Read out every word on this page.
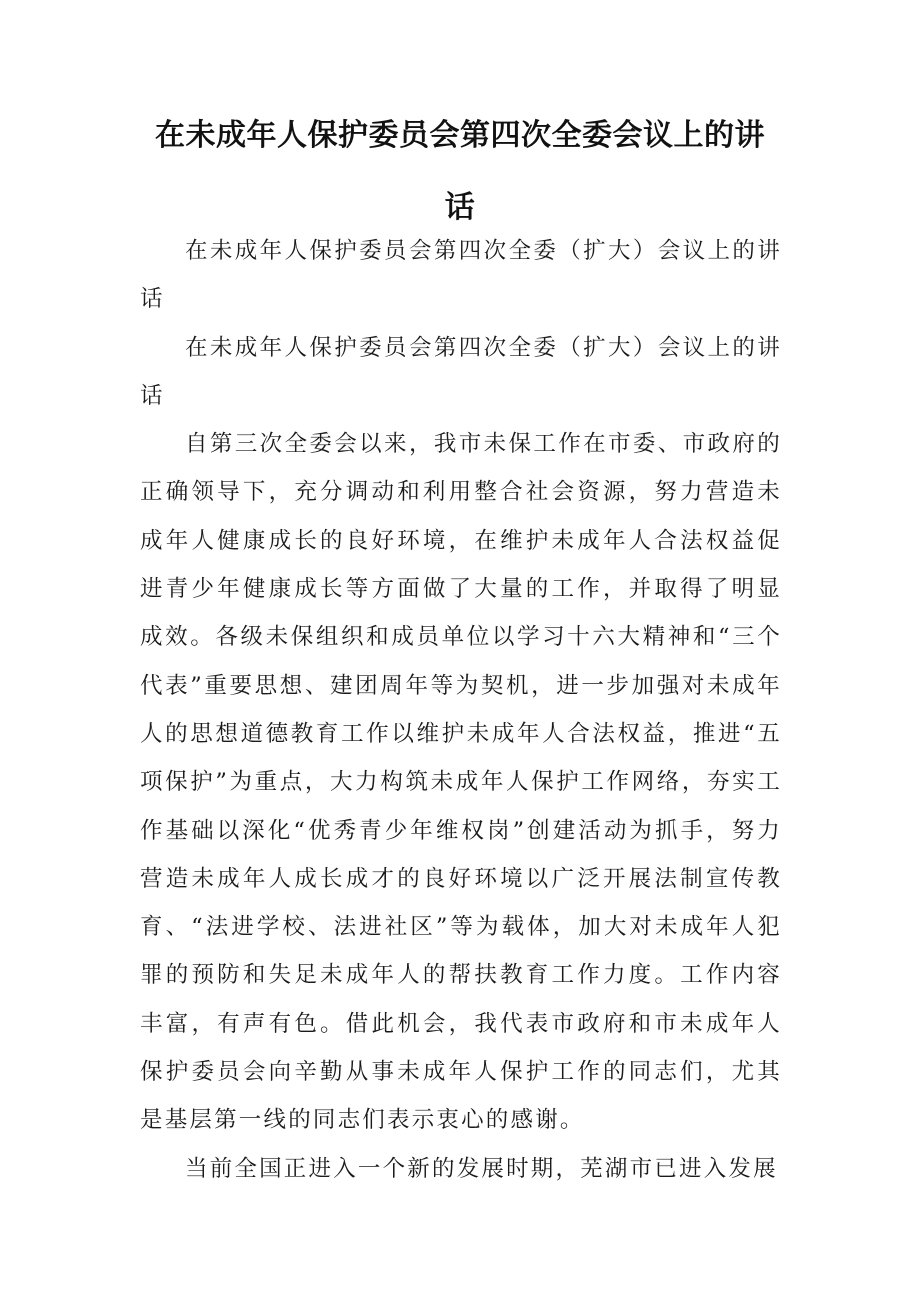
在未成年人保护委员会第四次全委会议上的讲话

在未成年人保护委员会第四次全委（扩大）会议上的讲话

在未成年人保护委员会第四次全委（扩大）会议上的讲话

自第三次全委会以来，我市未保工作在市委、市政府的正确领导下，充分调动和利用整合社会资源，努力营造未成年人健康成长的良好环境，在维护未成年人合法权益促进青少年健康成长等方面做了大量的工作，并取得了明显成效。各级未保组织和成员单位以学习十六大精神和“三个代表”重要思想、建团周年等为契机，进一步加强对未成年人的思想道德教育工作以维护未成年人合法权益，推进“五项保护”为重点，大力构筑未成年人保护工作网络，夯实工作基础以深化“优秀青少年维权岗”创建活动为抓手，努力营造未成年人成长成才的良好环境以广泛开展法制宣传教育、“法进学校、法进社区”等为载体，加大对未成年人犯罪的预防和失足未成年人的帮扶教育工作力度。工作内容丰富，有声有色。借此机会，我代表市政府和市未成年人保护委员会向辛勤从事未成年人保护工作的同志们，尤其是基层第一线的同志们表示衷心的感谢。

当前全国正进入一个新的发展时期，芜湖市已进入发展
